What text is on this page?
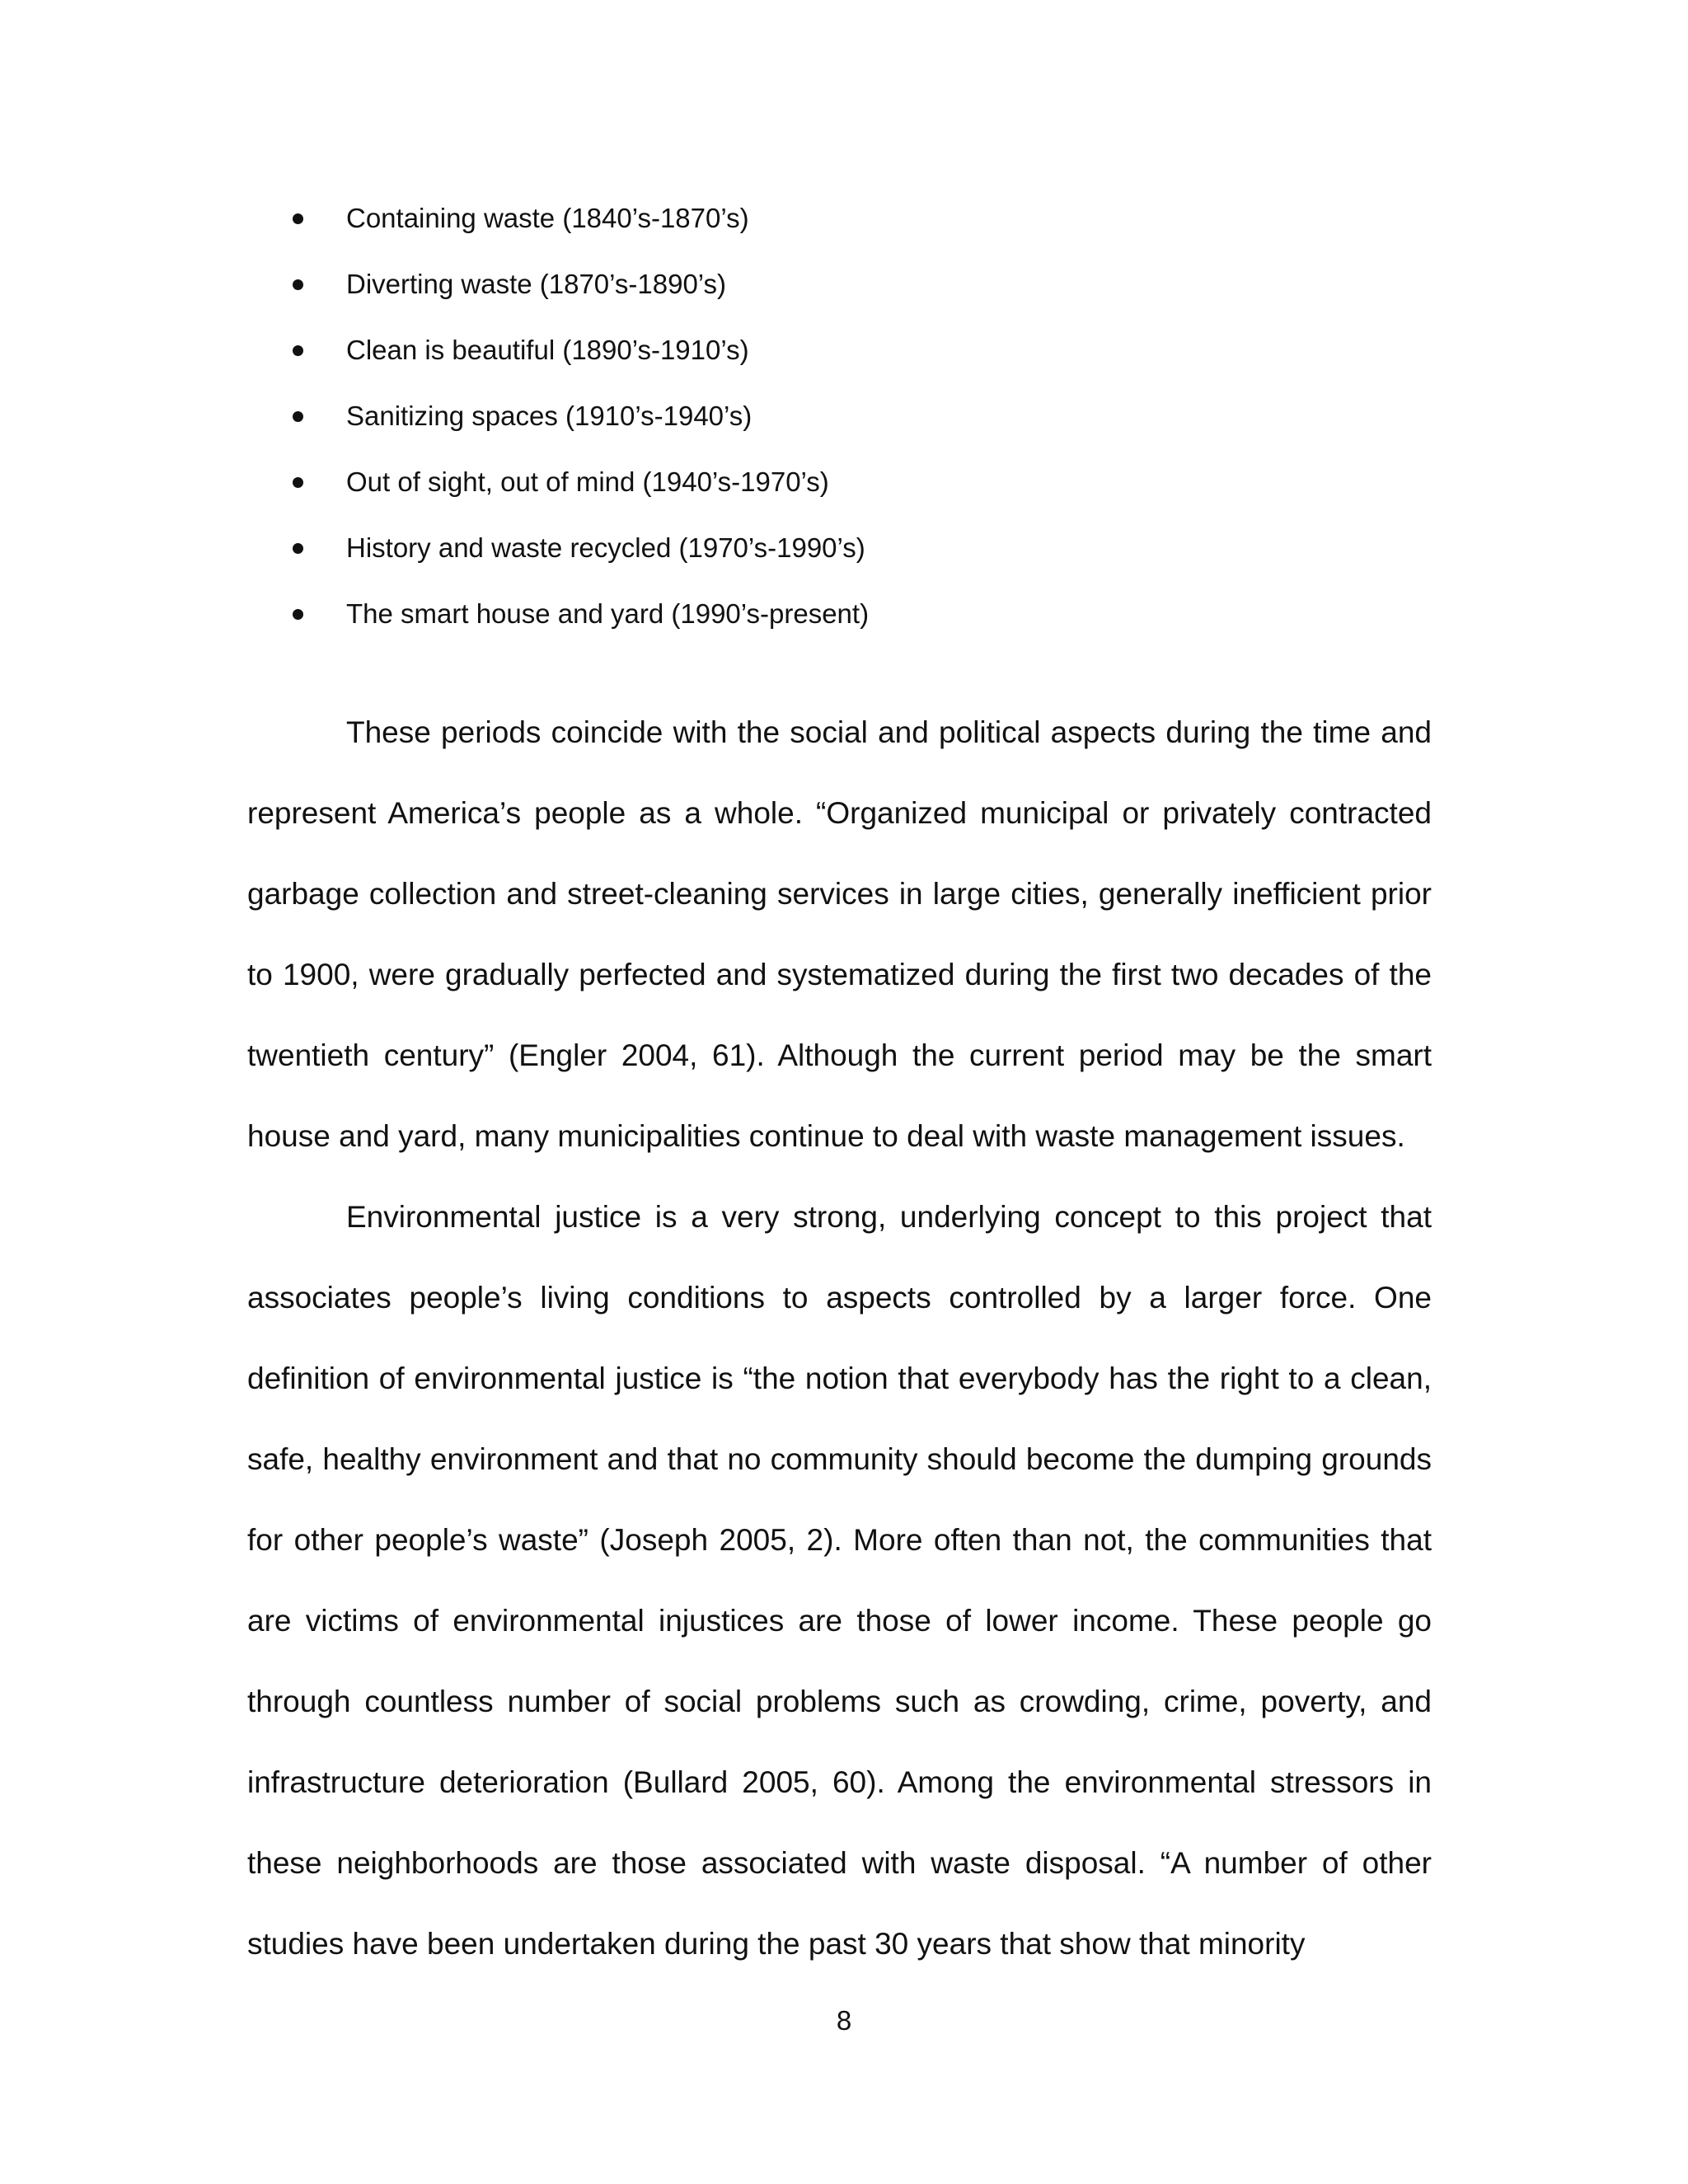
Containing waste (1840’s-1870’s)
Diverting waste (1870’s-1890’s)
Clean is beautiful (1890’s-1910’s)
Sanitizing spaces (1910’s-1940’s)
Out of sight, out of mind (1940’s-1970’s)
History and waste recycled (1970’s-1990’s)
The smart house and yard (1990’s-present)

These periods coincide with the social and political aspects during the time and represent America’s people as a whole. “Organized municipal or privately contracted garbage collection and street-cleaning services in large cities, generally inefficient prior to 1900, were gradually perfected and systematized during the first two decades of the twentieth century” (Engler 2004, 61). Although the current period may be the smart house and yard, many municipalities continue to deal with waste management issues.

Environmental justice is a very strong, underlying concept to this project that associates people’s living conditions to aspects controlled by a larger force. One definition of environmental justice is “the notion that everybody has the right to a clean, safe, healthy environment and that no community should become the dumping grounds for other people’s waste” (Joseph 2005, 2). More often than not, the communities that are victims of environmental injustices are those of lower income. These people go through countless number of social problems such as crowding, crime, poverty, and infrastructure deterioration (Bullard 2005, 60). Among the environmental stressors in these neighborhoods are those associated with waste disposal. “A number of other studies have been undertaken during the past 30 years that show that minority

8
